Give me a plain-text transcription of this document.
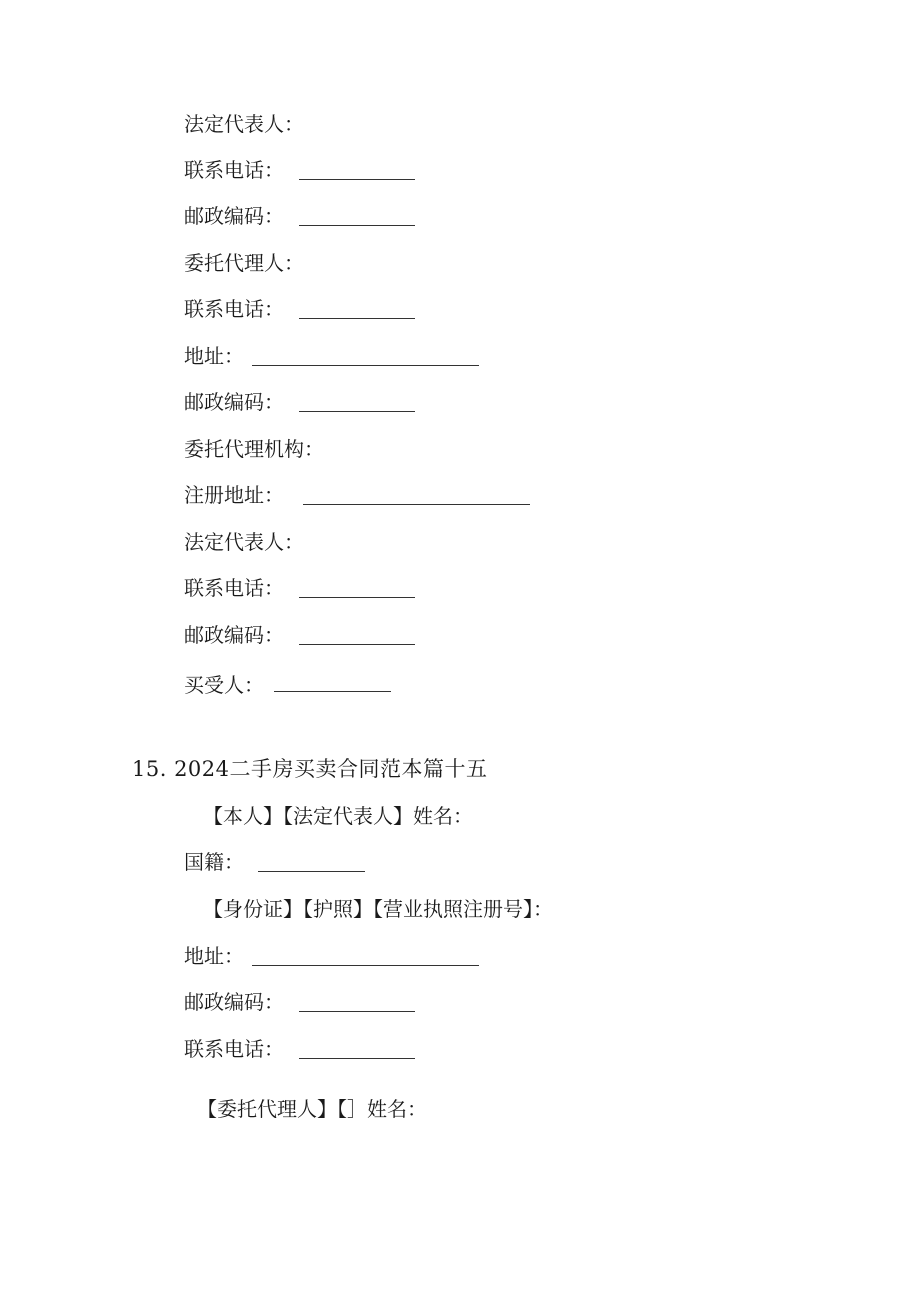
法定代表人：
联系电话：
邮政编码：
委托代理人：
联系电话：
地址：
邮政编码：
委托代理机构：
注册地址：
法定代表人：
联系电话：
邮政编码：
买受人：
15. 2024二手房买卖合同范本篇十五
【本人】【法定代表人】姓名：
国籍：
【身份证】【护照】【营业执照注册号】：
地址：
邮政编码：
联系电话：
【委托代理人】【］姓名：
